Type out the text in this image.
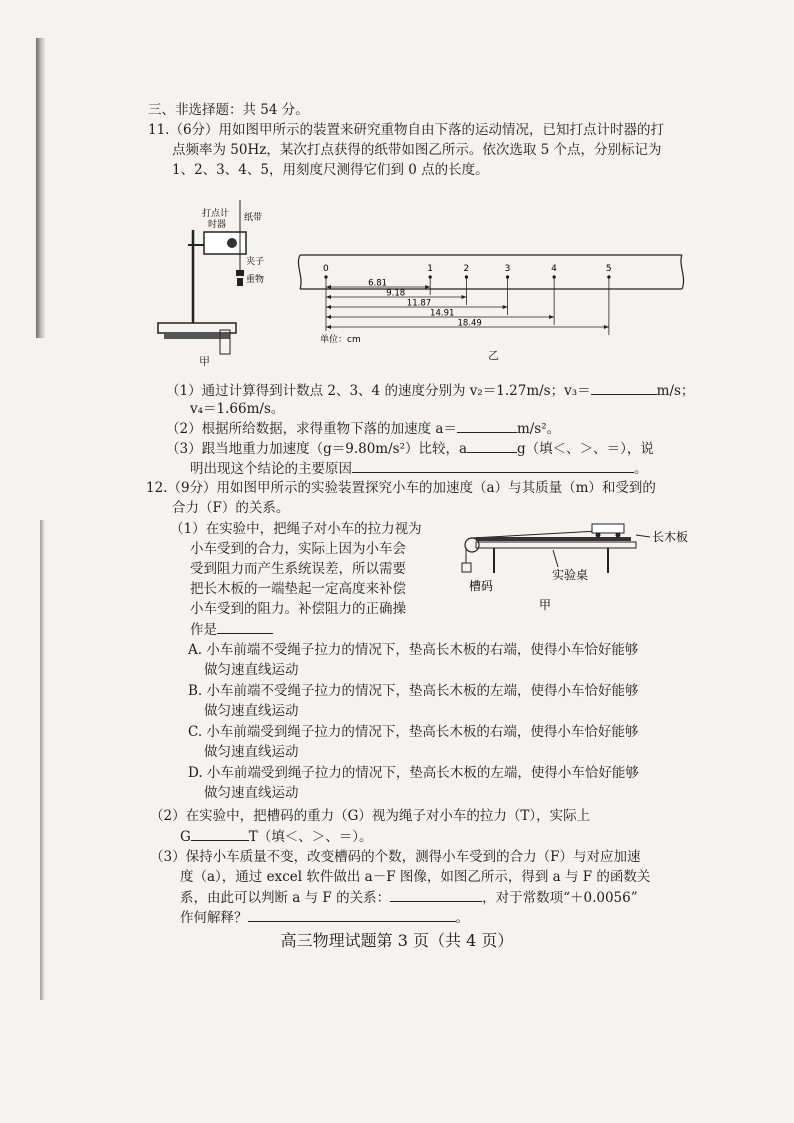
三、非选择题：共 54 分。
11.（6分）用如图甲所示的装置来研究重物自由下落的运动情况，已知打点计时器的打
点频率为 50Hz，某次打点获得的纸带如图乙所示。依次选取 5 个点，分别标记为
1、2、3、4、5，用刻度尺测得它们到 0 点的长度。
打点计
时器
纸带
夹子
重物
甲
0	1	2	3	4	5
6.81
9.18
11.87
14.91
18.49
单位：cm
乙
（1）通过计算得到计数点 2、3、4 的速度分别为 v₂＝1.27m/s；v₃＝	m/s；
v₄＝1.66m/s。
（2）根据所给数据，求得重物下落的加速度 a＝	m/s²。
（3）跟当地重力加速度（g＝9.80m/s²）比较，a	g（填＜、＞、＝），说
明出现这个结论的主要原因	。
12.（9分）用如图甲所示的实验装置探究小车的加速度（a）与其质量（m）和受到的
合力（F）的关系。
（1）在实验中，把绳子对小车的拉力视为
小车受到的合力，实际上因为小车会
受到阻力而产生系统误差，所以需要
把长木板的一端垫起一定高度来补偿
小车受到的阻力。补偿阻力的正确操
作是
长木板
实验桌
槽码
甲
A. 小车前端不受绳子拉力的情况下，垫高长木板的右端，使得小车恰好能够
做匀速直线运动
B. 小车前端不受绳子拉力的情况下，垫高长木板的左端，使得小车恰好能够
做匀速直线运动
C. 小车前端受到绳子拉力的情况下，垫高长木板的右端，使得小车恰好能够
做匀速直线运动
D. 小车前端受到绳子拉力的情况下，垫高长木板的左端，使得小车恰好能够
做匀速直线运动
（2）在实验中，把槽码的重力（G）视为绳子对小车的拉力（T），实际上
G	T（填＜、＞、＝）。
（3）保持小车质量不变，改变槽码的个数，测得小车受到的合力（F）与对应加速
度（a），通过 excel 软件做出 a－F 图像，如图乙所示，得到 a 与 F 的函数关
系，由此可以判断 a 与 F 的关系：	，对于常数项“＋0.0056”
作何解释？	。
高三物理试题第 3 页（共 4 页）
